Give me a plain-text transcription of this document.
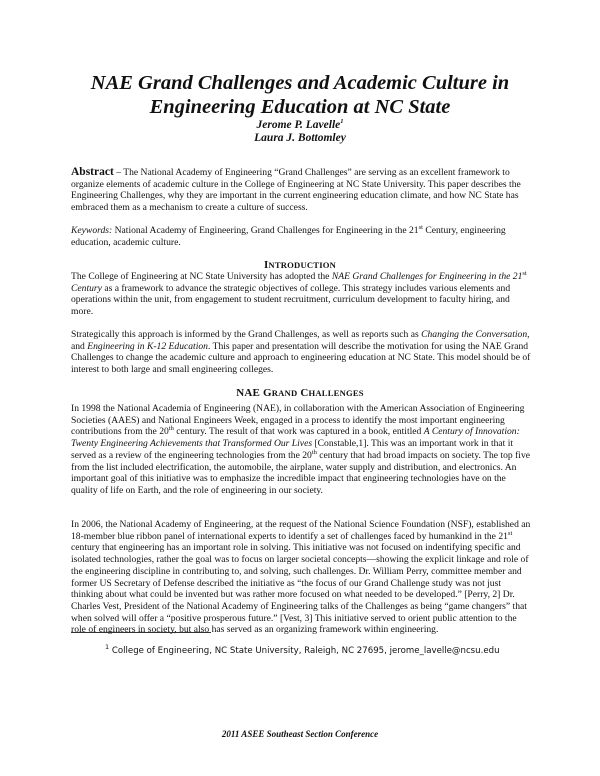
NAE Grand Challenges and Academic Culture in
Engineering Education at NC State
Jerome P. Lavelle$^1$
Laura J. Bottomley

Abstract – The National Academy of Engineering “Grand Challenges” are serving as an excellent framework to organize elements of academic culture in the College of Engineering at NC State University. This paper describes the Engineering Challenges, why they are important in the current engineering education climate, and how NC State has embraced them as a mechanism to create a culture of success.

Keywords: National Academy of Engineering, Grand Challenges for Engineering in the 21st Century, engineering education, academic culture.

INTRODUCTION

The College of Engineering at NC State University has adopted the NAE Grand Challenges for Engineering in the 21st Century as a framework to advance the strategic objectives of college. This strategy includes various elements and operations within the unit, from engagement to student recruitment, curriculum development to faculty hiring, and more.

Strategically this approach is informed by the Grand Challenges, as well as reports such as Changing the Conversation, and Engineering in K-12 Education. This paper and presentation will describe the motivation for using the NAE Grand Challenges to change the academic culture and approach to engineering education at NC State. This model should be of interest to both large and small engineering colleges.

NAE GRAND CHALLENGES

In 1998 the National Academia of Engineering (NAE), in collaboration with the American Association of Engineering Societies (AAES) and National Engineers Week, engaged in a process to identify the most important engineering contributions from the 20th century. The result of that work was captured in a book, entitled A Century of Innovation: Twenty Engineering Achievements that Transformed Our Lives [Constable,1]. This was an important work in that it served as a review of the engineering technologies from the 20th century that had broad impacts on society. The top five from the list included electrification, the automobile, the airplane, water supply and distribution, and electronics. An important goal of this initiative was to emphasize the incredible impact that engineering technologies have on the quality of life on Earth, and the role of engineering in our society.

In 2006, the National Academy of Engineering, at the request of the National Science Foundation (NSF), established an 18-member blue ribbon panel of international experts to identify a set of challenges faced by humankind in the 21st century that engineering has an important role in solving. This initiative was not focused on indentifying specific and isolated technologies, rather the goal was to focus on larger societal concepts—showing the explicit linkage and role of the engineering discipline in contributing to, and solving, such challenges. Dr. William Perry, committee member and former US Secretary of Defense described the initiative as “the focus of our Grand Challenge study was not just thinking about what could be invented but was rather more focused on what needed to be developed.” [Perry, 2] Dr. Charles Vest, President of the National Academy of Engineering talks of the Challenges as being “game changers” that when solved will offer a “positive prosperous future.” [Vest, 3] This initiative served to orient public attention to the role of engineers in society, but also has served as an organizing framework within engineering.

$^1$ College of Engineering, NC State University, Raleigh, NC 27695, jerome_lavelle@ncsu.edu
2011 ASEE Southeast Section Conference
